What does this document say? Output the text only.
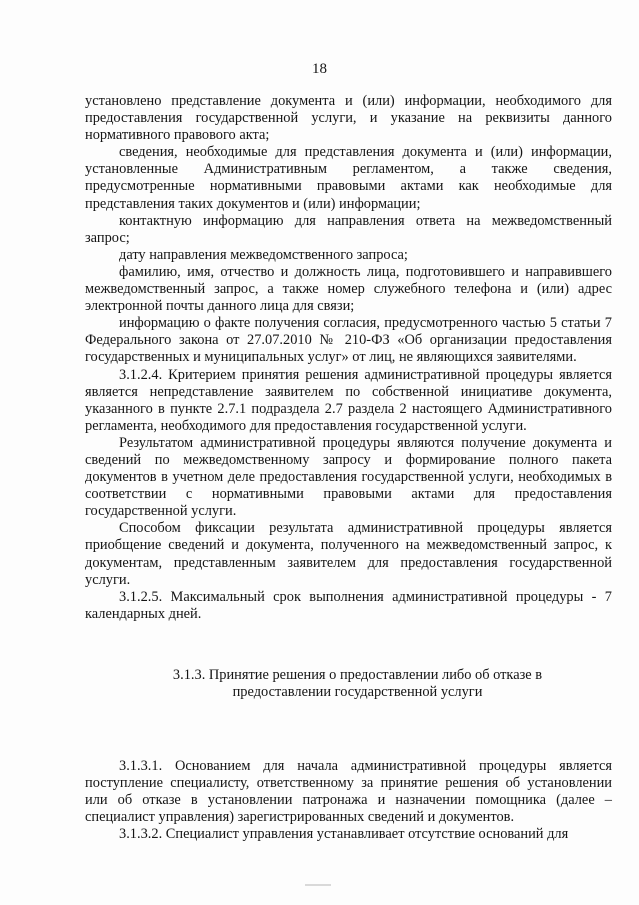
18

установлено представление документа и (или) информации, необходимого для предоставления государственной услуги, и указание на реквизиты данного нормативного правового акта;

сведения, необходимые для представления документа и (или) информации, установленные Административным регламентом, а также сведения, предусмотренные нормативными правовыми актами как необходимые для представления таких документов и (или) информации;

контактную информацию для направления ответа на межведомственный запрос;

дату направления межведомственного запроса;

фамилию, имя, отчество и должность лица, подготовившего и направившего межведомственный запрос, а также номер служебного телефона и (или) адрес электронной почты данного лица для связи;

информацию о факте получения согласия, предусмотренного частью 5 статьи 7 Федерального закона от 27.07.2010 № 210-ФЗ «Об организации предоставления государственных и муниципальных услуг» от лиц, не являющихся заявителями.

3.1.2.4. Критерием принятия решения административной процедуры является является непредставление заявителем по собственной инициативе документа, указанного в пункте 2.7.1 подраздела 2.7 раздела 2 настоящего Административного регламента, необходимого для предоставления государственной услуги.

Результатом административной процедуры являются получение документа и сведений по межведомственному запросу и формирование полного пакета документов в учетном деле предоставления государственной услуги, необходимых в соответствии с нормативными правовыми актами для предоставления государственной услуги.

Способом фиксации результата административной процедуры является приобщение сведений и документа, полученного на межведомственный запрос, к документам, представленным заявителем для предоставления государственной услуги.

3.1.2.5. Максимальный срок выполнения административной процедуры - 7 календарных дней.

3.1.3. Принятие решения о предоставлении либо об отказе в
предоставлении государственной услуги

3.1.3.1. Основанием для начала административной процедуры является поступление специалисту, ответственному за принятие решения об установлении или об отказе в установлении патронажа и назначении помощника (далее – специалист управления) зарегистрированных сведений и документов.

3.1.3.2. Специалист управления устанавливает отсутствие оснований для
